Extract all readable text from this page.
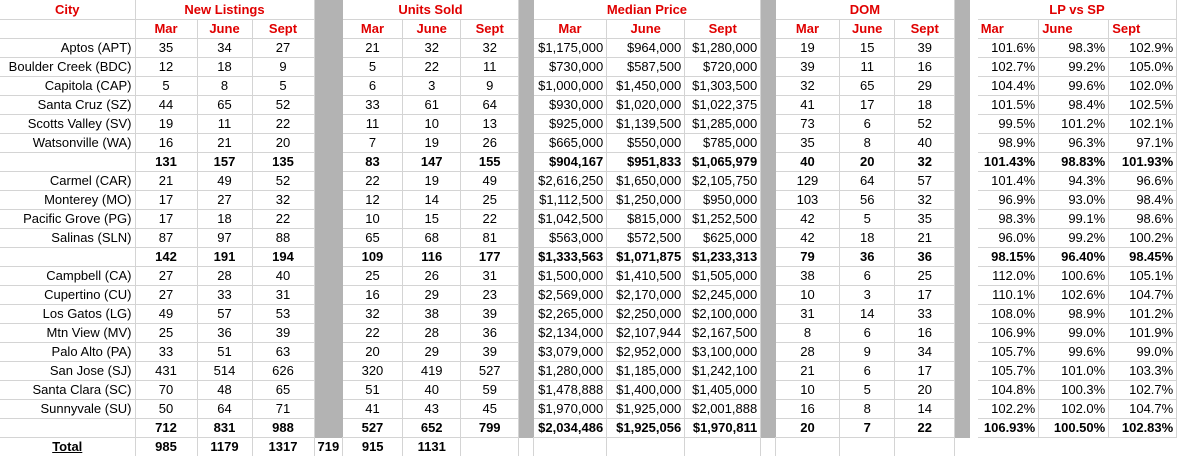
City	New Listings				Units Sold				Median Price				DOM					LP vs SP		
	Mar	June	Sept		Mar	June	Sept		Mar	June	Sept		Mar	June	Sept			Mar	June	Sept
Aptos (APT)	35	34	27		21	32	32		$1,175,000	$964,000	$1,280,000		19	15	39			101.6%	98.3%	102.9%
Boulder Creek (BDC)	12	18	9		5	22	11		$730,000	$587,500	$720,000		39	11	16			102.7%	99.2%	105.0%
Capitola (CAP)	5	8	5		6	3	9		$1,000,000	$1,450,000	$1,303,500		32	65	29			104.4%	99.6%	102.0%
Santa Cruz (SZ)	44	65	52		33	61	64		$930,000	$1,020,000	$1,022,375		41	17	18			101.5%	98.4%	102.5%
Scotts Valley (SV)	19	11	22		11	10	13		$925,000	$1,139,500	$1,285,000		73	6	52			99.5%	101.2%	102.1%
Watsonville (WA)	16	21	20		7	19	26		$665,000	$550,000	$785,000		35	8	40			98.9%	96.3%	97.1%
	131	157	135		83	147	155		$904,167	$951,833	$1,065,979		40	20	32			101.43%	98.83%	101.93%
Carmel (CAR)	21	49	52		22	19	49		$2,616,250	$1,650,000	$2,105,750		129	64	57			101.4%	94.3%	96.6%
Monterey (MO)	17	27	32		12	14	25		$1,112,500	$1,250,000	$950,000		103	56	32			96.9%	93.0%	98.4%
Pacific Grove (PG)	17	18	22		10	15	22		$1,042,500	$815,000	$1,252,500		42	5	35			98.3%	99.1%	98.6%
Salinas (SLN)	87	97	88		65	68	81		$563,000	$572,500	$625,000		42	18	21			96.0%	99.2%	100.2%
	142	191	194		109	116	177		$1,333,563	$1,071,875	$1,233,313		79	36	36			98.15%	96.40%	98.45%
Campbell (CA)	27	28	40		25	26	31		$1,500,000	$1,410,500	$1,505,000		38	6	25			112.0%	100.6%	105.1%
Cupertino (CU)	27	33	31		16	29	23		$2,569,000	$2,170,000	$2,245,000		10	3	17			110.1%	102.6%	104.7%
Los Gatos (LG)	49	57	53		32	38	39		$2,265,000	$2,250,000	$2,100,000		31	14	33			108.0%	98.9%	101.2%
Mtn View (MV)	25	36	39		22	28	36		$2,134,000	$2,107,944	$2,167,500		8	6	16			106.9%	99.0%	101.9%
Palo Alto (PA)	33	51	63		20	29	39		$3,079,000	$2,952,000	$3,100,000		28	9	34			105.7%	99.6%	99.0%
San Jose (SJ)	431	514	626		320	419	527		$1,280,000	$1,185,000	$1,242,100		21	6	17			105.7%	101.0%	103.3%
Santa Clara (SC)	70	48	65		51	40	59		$1,478,888	$1,400,000	$1,405,000		10	5	20			104.8%	100.3%	102.7%
Sunnyvale (SU)	50	64	71		41	43	45		$1,970,000	$1,925,000	$2,001,888		16	8	14			102.2%	102.0%	104.7%
	712	831	988		527	652	799		$2,034,486	$1,925,056	$1,970,811		20	7	22			106.93%	100.50%	102.83%
Total	985	1179	1317	719	915	1131														
